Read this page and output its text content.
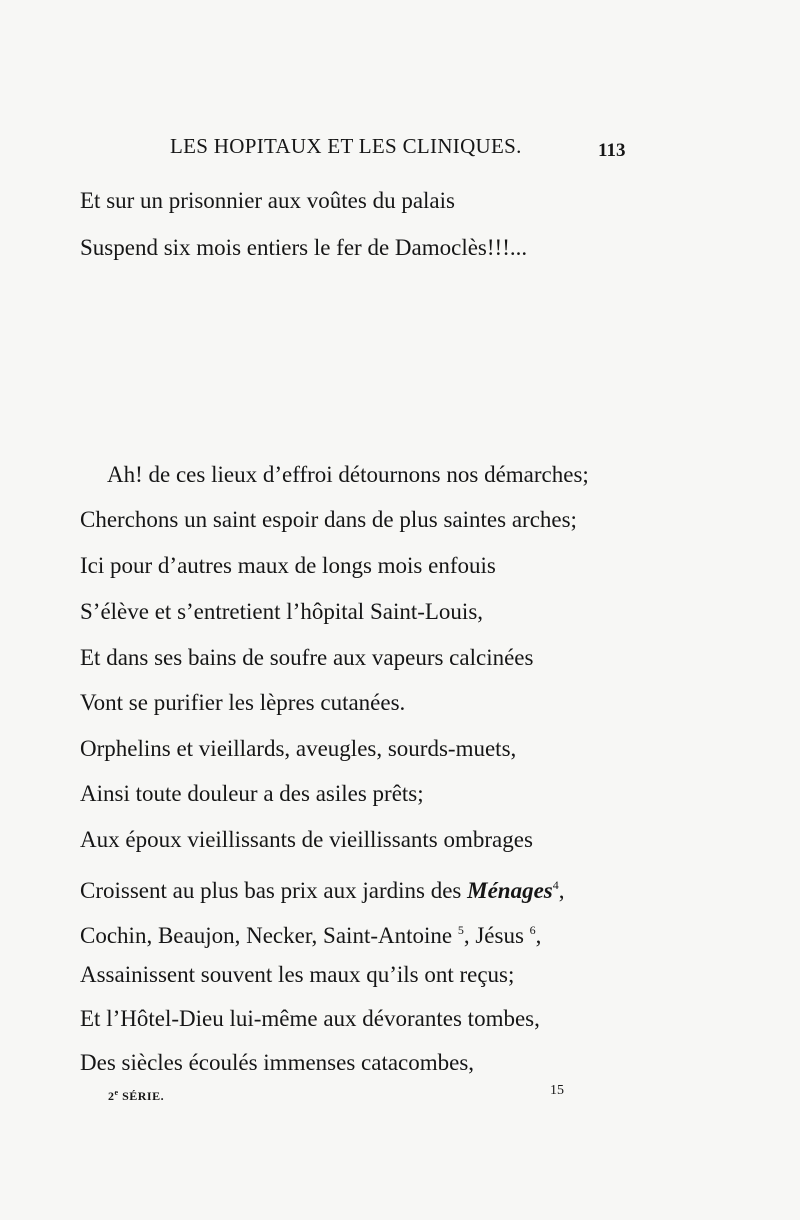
LES HOPITAUX ET LES CLINIQUES.	113
Et sur un prisonnier aux voûtes du palais
Suspend six mois entiers le fer de Damoclès!!!...
Ah! de ces lieux d’effroi détournons nos démarches;
Cherchons un saint espoir dans de plus saintes arches;
Ici pour d’autres maux de longs mois enfouis
S’élève et s’entretient l’hôpital Saint-Louis,
Et dans ses bains de soufre aux vapeurs calcinées
Vont se purifier les lèpres cutanées.
Orphelins et vieillards, aveugles, sourds-muets,
Ainsi toute douleur a des asiles prêts;
Aux époux vieillissants de vieillissants ombrages
Croissent au plus bas prix aux jardins des Ménages$^4$,
Cochin, Beaujon, Necker, Saint-Antoine $^5$, Jésus $^6$,
Assainissent souvent les maux qu’ils ont reçus;
Et l’Hôtel-Dieu lui-même aux dévorantes tombes,
Des siècles écoulés immenses catacombes,
2e SÉRIE.	15
